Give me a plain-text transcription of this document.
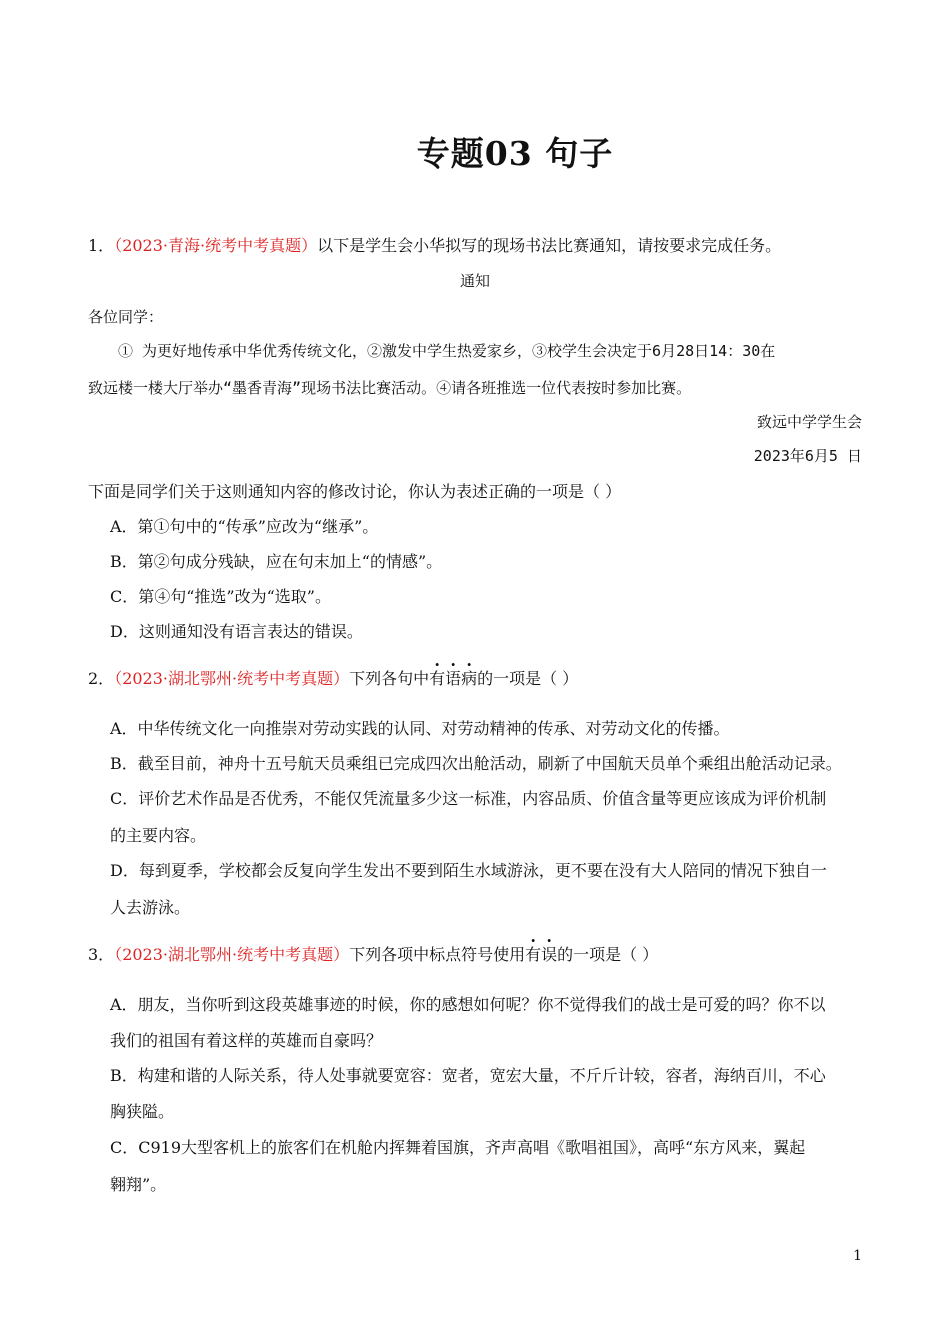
专题03 句子
1．（2023·青海·统考中考真题）以下是学生会小华拟写的现场书法比赛通知，请按要求完成任务。
通知
各位同学：
① 为更好地传承中华优秀传统文化，②激发中学生热爱家乡，③校学生会决定于6月28日14：30在
致远楼一楼大厅举办“墨香青海”现场书法比赛活动。④请各班推选一位代表按时参加比赛。
致远中学学生会
2023年6月5 日
下面是同学们关于这则通知内容的修改讨论，你认为表述正确的一项是（ ）
A．第①句中的“传承”应改为“继承”。
B．第②句成分残缺，应在句末加上“的情感”。
C．第④句“推选”改为“选取”。
D．这则通知没有语言表达的错误。
2．（2023·湖北鄂州·统考中考真题）下列各句中有语病的一项是（ ）
A．中华传统文化一向推崇对劳动实践的认同、对劳动精神的传承、对劳动文化的传播。
B．截至目前，神舟十五号航天员乘组已完成四次出舱活动，刷新了中国航天员单个乘组出舱活动记录。
C．评价艺术作品是否优秀，不能仅凭流量多少这一标准，内容品质、价值含量等更应该成为评价机制
的主要内容。
D．每到夏季，学校都会反复向学生发出不要到陌生水域游泳，更不要在没有大人陪同的情况下独自一
人去游泳。
3．（2023·湖北鄂州·统考中考真题）下列各项中标点符号使用有误的一项是（ ）
A．朋友，当你听到这段英雄事迹的时候，你的感想如何呢？你不觉得我们的战士是可爱的吗？你不以
我们的祖国有着这样的英雄而自豪吗？
B．构建和谐的人际关系，待人处事就要宽容：宽者，宽宏大量，不斤斤计较，容者，海纳百川，不心
胸狭隘。
C．C919大型客机上的旅客们在机舱内挥舞着国旗，齐声高唱《歌唱祖国》，高呼“东方风来，翼起
翱翔”。
1
